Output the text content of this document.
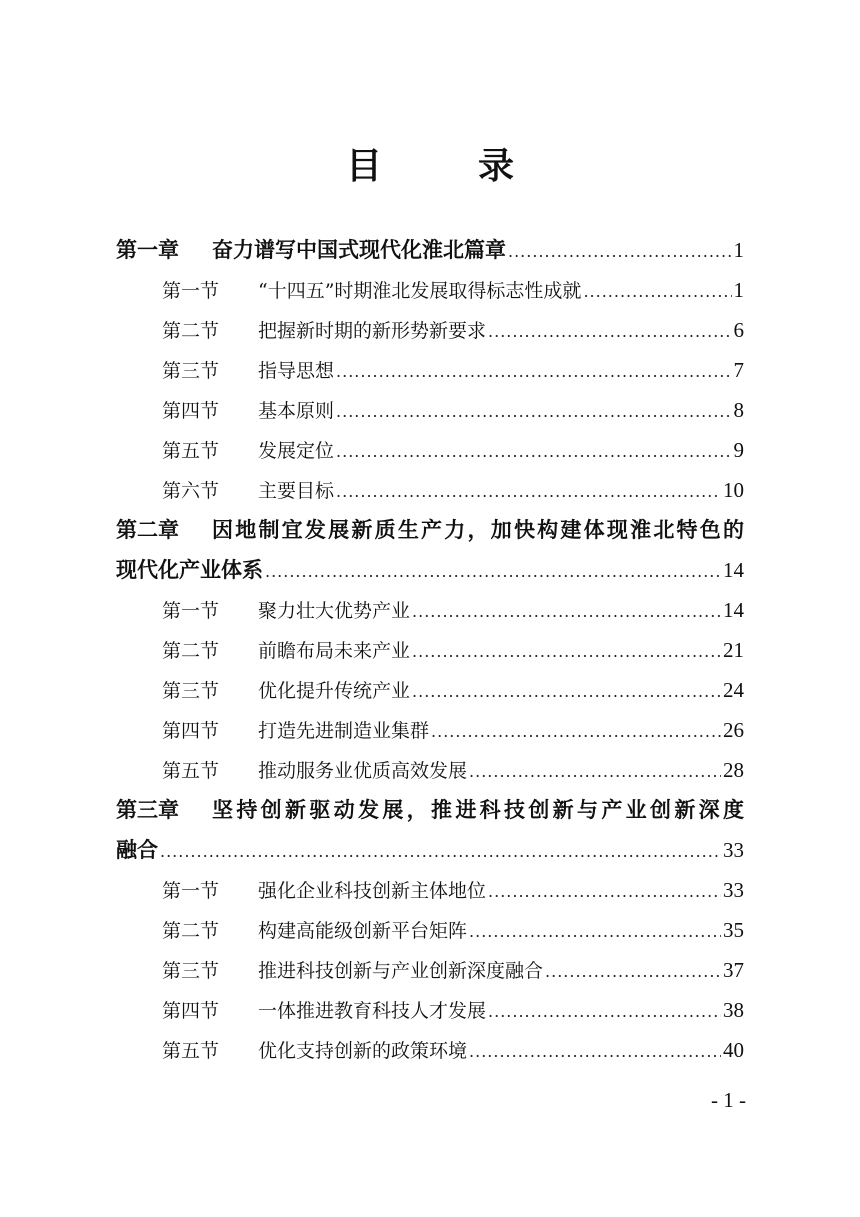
目　录
第一章	奋力谱写中国式现代化淮北篇章 .....	1
第一节	“十四五”时期淮北发展取得标志性成就 .....	1
第二节	把握新时期的新形势新要求 .....	6
第三节	指导思想 .....	7
第四节	基本原则 .....	8
第五节	发展定位 .....	9
第六节	主要目标 .....	10
第二章	因地制宜发展新质生产力，加快构建体现淮北特色的
现代化产业体系 .....	14
第一节	聚力壮大优势产业 .....	14
第二节	前瞻布局未来产业 .....	21
第三节	优化提升传统产业 .....	24
第四节	打造先进制造业集群 .....	26
第五节	推动服务业优质高效发展 .....	28
第三章	坚持创新驱动发展，推进科技创新与产业创新深度
融合 .....	33
第一节	强化企业科技创新主体地位 .....	33
第二节	构建高能级创新平台矩阵 .....	35
第三节	推进科技创新与产业创新深度融合 .....	37
第四节	一体推进教育科技人才发展 .....	38
第五节	优化支持创新的政策环境 .....	40
- 1 -
